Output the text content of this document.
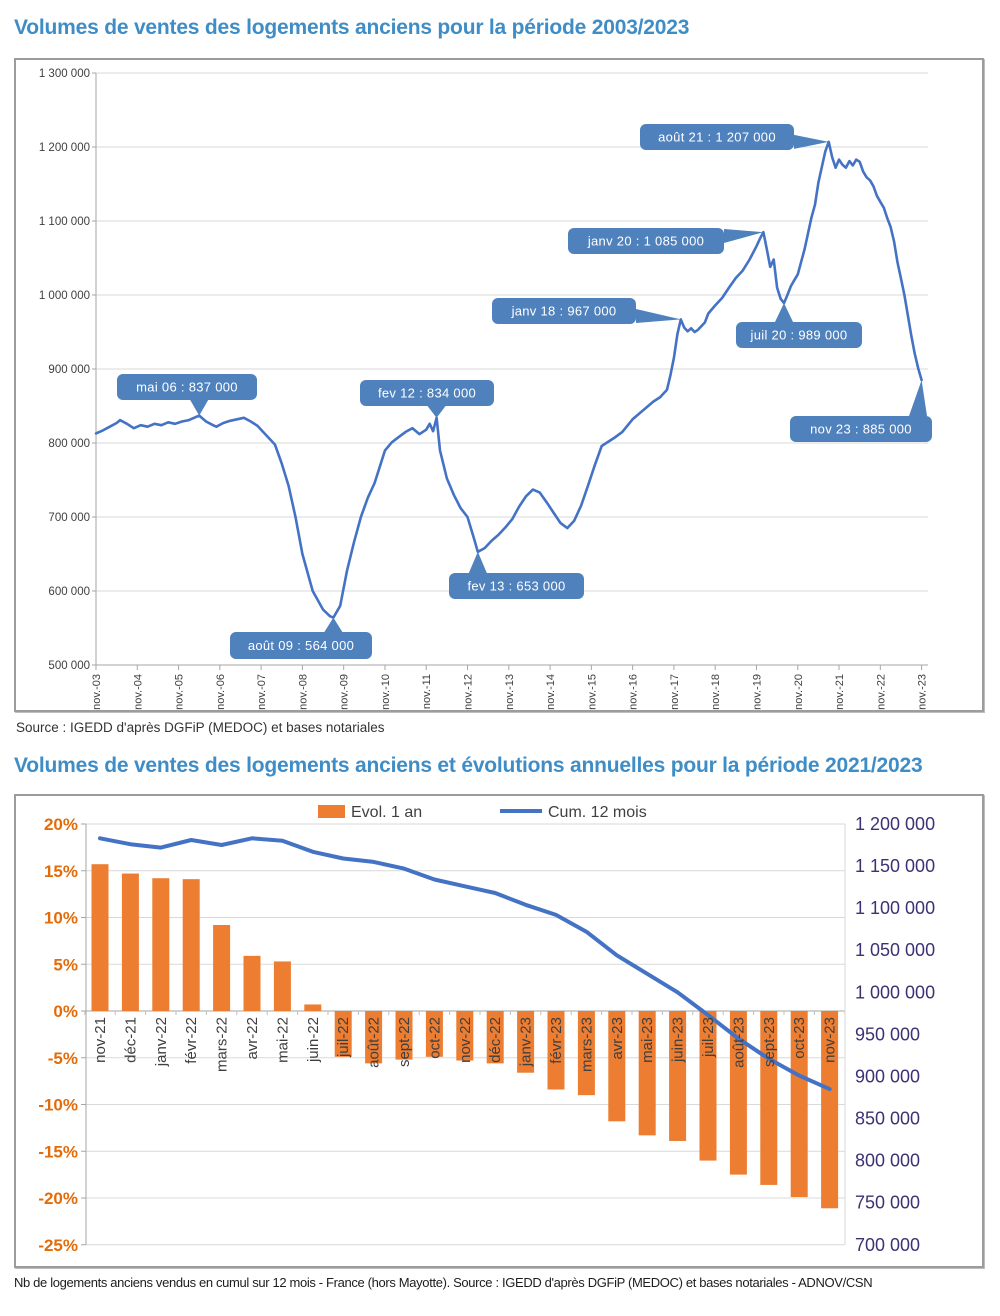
Volumes de ventes des logements anciens pour la période 2003/2023
1 300 000
1 200 000
1 100 000
1 000 000
900 000
800 000
700 000
600 000
500 000
nov.-03	nov.-04	nov.-05	nov.-06	nov.-07	nov.-08	nov.-09	nov.-10	nov.-11	nov.-12	nov.-13	nov.-14	nov.-15	nov.-16	nov.-17	nov.-18	nov.-19	nov.-20	nov.-21	nov.-22	nov.-23
mai 06 : 837 000	fev 12 : 834 000
août 09 : 564 000
fev 13 : 653 000
janv 18 : 967 000
janv 20 : 1 085 000
juil 20 : 989 000
août 21 : 1 207 000
nov 23 : 885 000
Source : IGEDD d'après DGFiP (MEDOC) et bases notariales
Volumes de ventes des logements anciens et évolutions annuelles pour la période 2021/2023
20%
15%
10%
5%
0%
-5%
-10%
-15%
-20%
-25%
1 200 000
1 150 000
1 100 000
1 050 000
1 000 000
950 000
900 000
850 000
800 000
750 000
700 000
nov-21 déc-21 janv-22 févr-22 mars-22 avr-22 mai-22 juin-22 juil-22 août-22 sept-22 oct-22 nov-22 déc-22 janv-23 févr-23 mars-23 avr-23 mai-23 juin-23 juil-23 août-23 sept-23 oct-23 nov-23
Evol. 1 an	Cum. 12 mois
Nb de logements anciens vendus en cumul sur 12 mois - France (hors Mayotte). Source : IGEDD d'après DGFiP (MEDOC) et bases notariales - ADNOV/CSN
